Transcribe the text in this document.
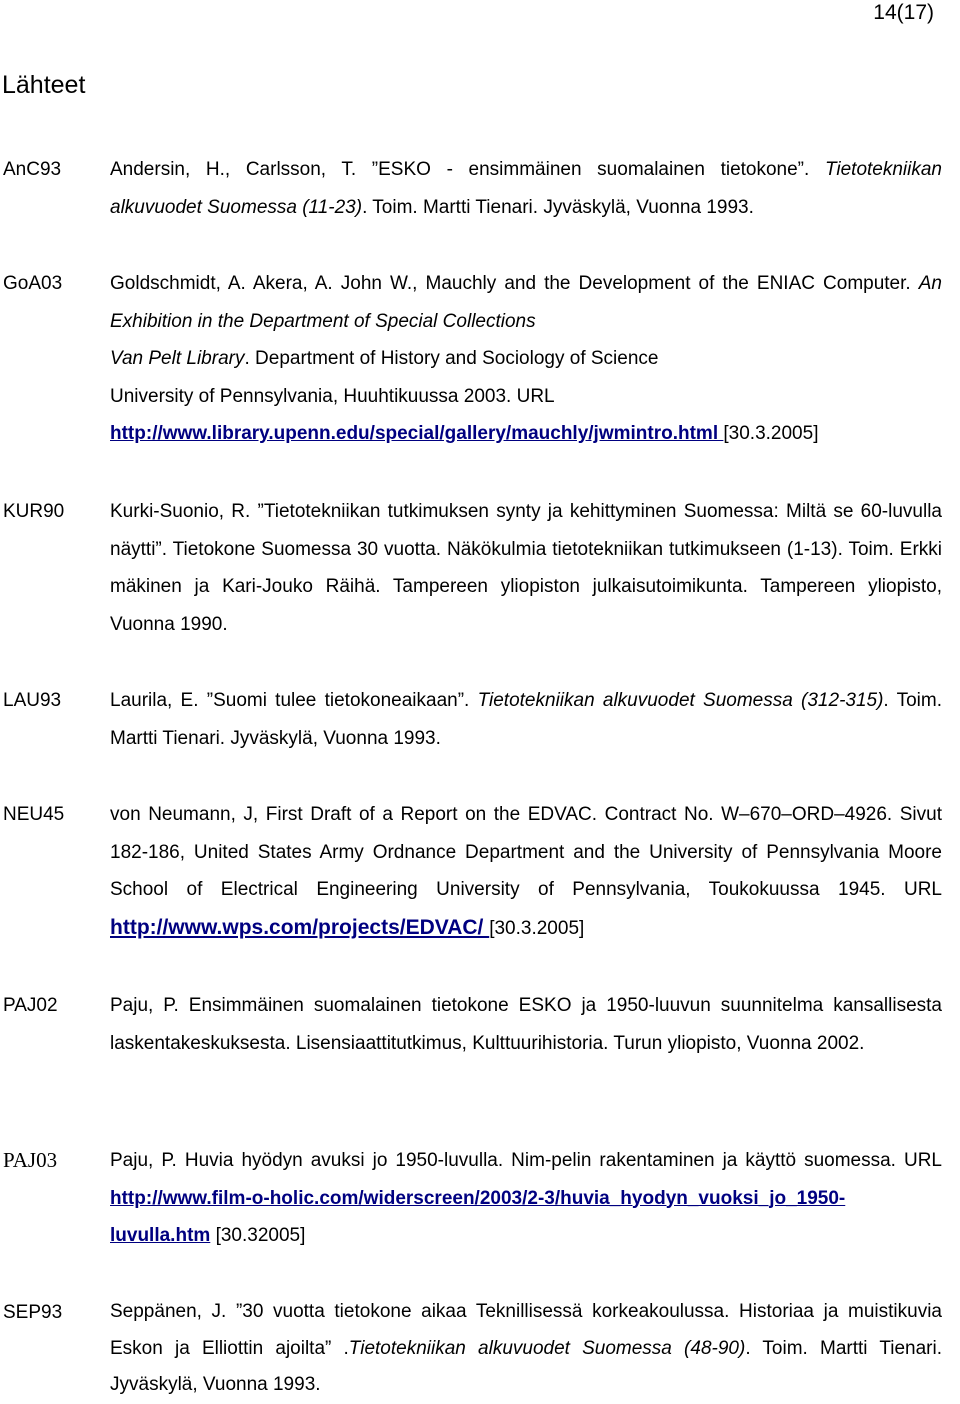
14(17)
Lähteet
AnC93	Andersin, H., Carlsson, T. ”ESKO - ensimmäinen suomalainen tietokone”. Tietotekniikan alkuvuodet Suomessa (11-23). Toim. Martti Tienari. Jyväskylä, Vuonna 1993.
GoA03	Goldschmidt, A. Akera, A. John W., Mauchly and the Development of the ENIAC Computer. An Exhibition in the Department of Special Collections
Van Pelt Library. Department of History and Sociology of Science
University of Pennsylvania, Huuhtikuussa 2003. URL
http://www.library.upenn.edu/special/gallery/mauchly/jwmintro.html [30.3.2005]
KUR90 Kurki-Suonio, R. ”Tietotekniikan tutkimuksen synty ja kehittyminen Suomessa: Miltä se 60-luvulla näytti”. Tietokone Suomessa 30 vuotta. Näkökulmia tietotekniikan tutkimukseen (1-13). Toim. Erkki mäkinen ja Kari-Jouko Räihä. Tampereen yliopiston julkaisutoimikunta. Tampereen yliopisto, Vuonna 1990.
LAU93	Laurila, E. ”Suomi tulee tietokoneaikaan”. Tietotekniikan alkuvuodet Suomessa (312-315). Toim. Martti Tienari. Jyväskylä, Vuonna 1993.
NEU45 von Neumann, J, First Draft of a Report on the EDVAC. Contract No. W–670–ORD–4926. Sivut 182-186, United States Army Ordnance Department and the University of Pennsylvania Moore School of Electrical Engineering University of Pennsylvania, Toukokuussa 1945. URL http://www.wps.com/projects/EDVAC/ [30.3.2005]
PAJ02	Paju, P. Ensimmäinen suomalainen tietokone ESKO ja 1950-luuvun suunnitelma kansallisesta laskentakeskuksesta. Lisensiaattitutkimus, Kulttuurihistoria. Turun yliopisto, Vuonna 2002.
PAJ03	Paju, P. Huvia hyödyn avuksi jo 1950-luvulla. Nim-pelin rakentaminen ja käyttö suomessa. URL http://www.film-o-holic.com/widerscreen/2003/2-3/huvia_hyodyn_vuoksi_jo_1950-luvulla.htm [30.32005]
SEP93	Seppänen, J. ”30 vuotta tietokone aikaa Teknillisessä korkeakoulussa. Historiaa ja muistikuvia Eskon ja Elliottin ajoilta” .Tietotekniikan alkuvuodet Suomessa (48-90). Toim. Martti Tienari. Jyväskylä, Vuonna 1993.
